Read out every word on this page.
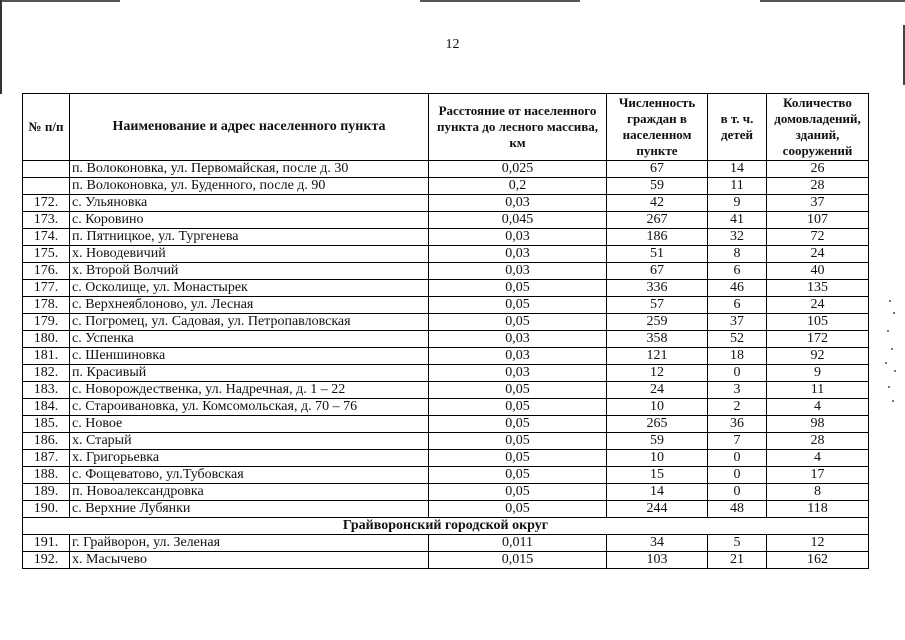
12
№ п/п	Наименование и адрес населенного пункта	Расстояние от населенного пункта до лесного массива, км	Численность граждан в населенном пункте	в т. ч. детей	Количество домовладений, зданий, сооружений
	п. Волоконовка, ул. Первомайская, после д. 30	0,025	67	14	26
	п. Волоконовка, ул. Буденного, после д. 90	0,2	59	11	28
172.	с. Ульяновка	0,03	42	9	37
173.	с. Коровино	0,045	267	41	107
174.	п. Пятницкое, ул. Тургенева	0,03	186	32	72
175.	х. Новодевичий	0,03	51	8	24
176.	х. Второй Волчий	0,03	67	6	40
177.	с. Осколище, ул. Монастырек	0,05	336	46	135
178.	с. Верхнеяблоново, ул. Лесная	0,05	57	6	24
179.	с. Погромец, ул. Садовая, ул. Петропавловская	0,05	259	37	105
180.	с. Успенка	0,03	358	52	172
181.	с. Шеншиновка	0,03	121	18	92
182.	п. Красивый	0,03	12	0	9
183.	с. Новорождественка, ул. Надречная, д. 1 – 22	0,05	24	3	11
184.	с. Староивановка, ул. Комсомольская, д. 70 – 76	0,05	10	2	4
185.	с. Новое	0,05	265	36	98
186.	х. Старый	0,05	59	7	28
187.	х. Григорьевка	0,05	10	0	4
188.	с. Фощеватово, ул.Тубовская	0,05	15	0	17
189.	п. Новоалександровка	0,05	14	0	8
190.	с. Верхние Лубянки	0,05	244	48	118
Грайворонский городской округ					
191.	г. Грайворон, ул. Зеленая	0,011	34	5	12
192.	х. Масычево	0,015	103	21	162
